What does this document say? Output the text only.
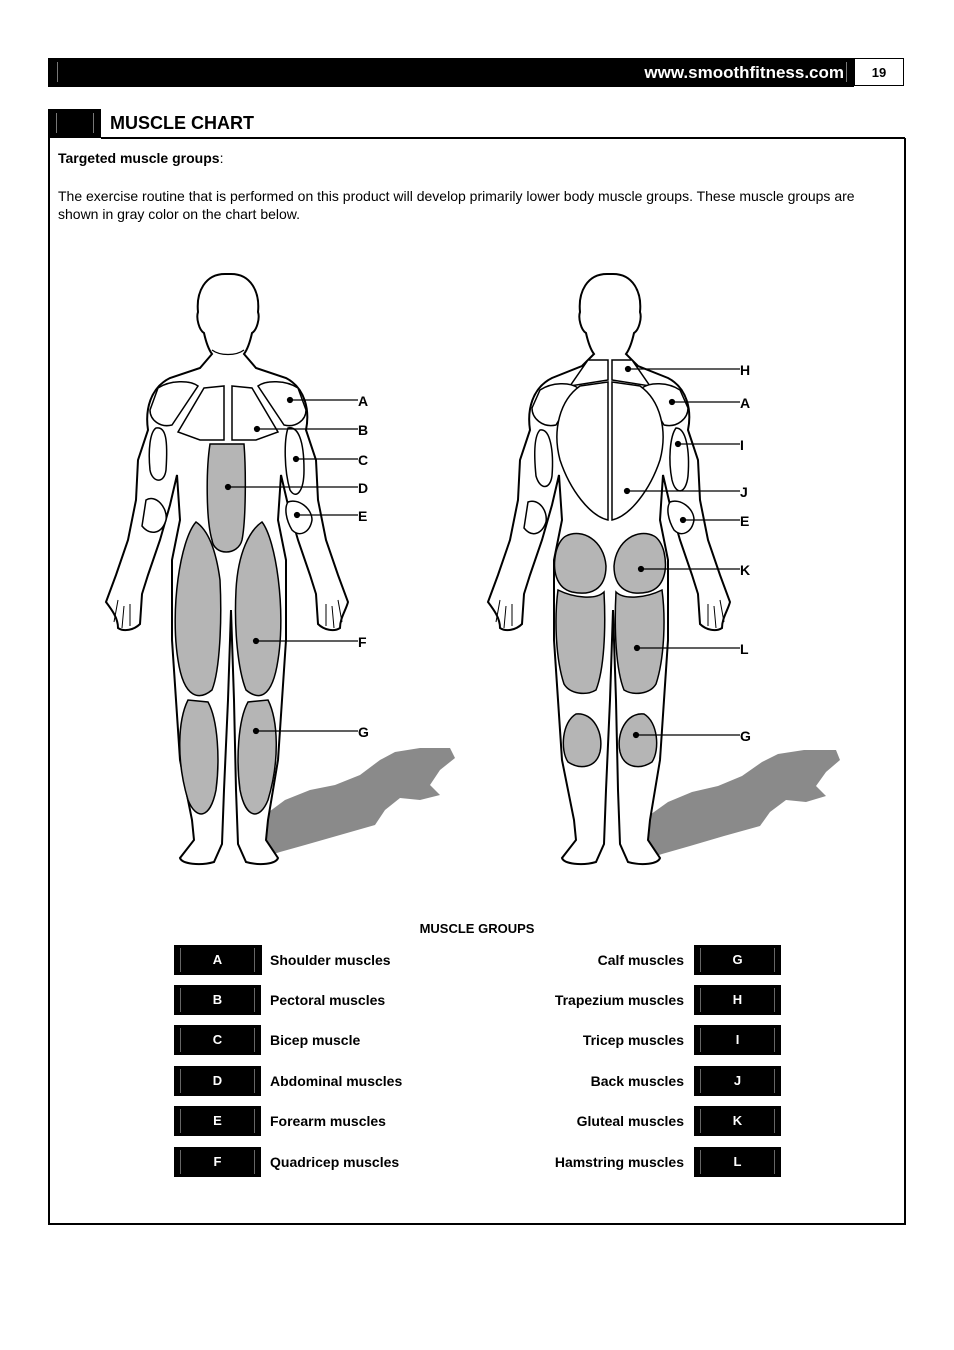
www.smoothfitness.com	19
MUSCLE CHART
Targeted muscle groups:
The exercise routine that is performed on this product will develop primarily lower body muscle groups. These muscle groups are shown in gray color on the chart below.
A
B
C
D
E
F
G
H
A
I
J
E
K
L
G
MUSCLE GROUPS
A	Shoulder muscles	Calf muscles	G
B	Pectoral muscles	Trapezium muscles	H
C	Bicep muscle	Tricep muscles	I
D	Abdominal muscles	Back muscles	J
E	Forearm muscles	Gluteal muscles	K
F	Quadricep muscles	Hamstring muscles	L
